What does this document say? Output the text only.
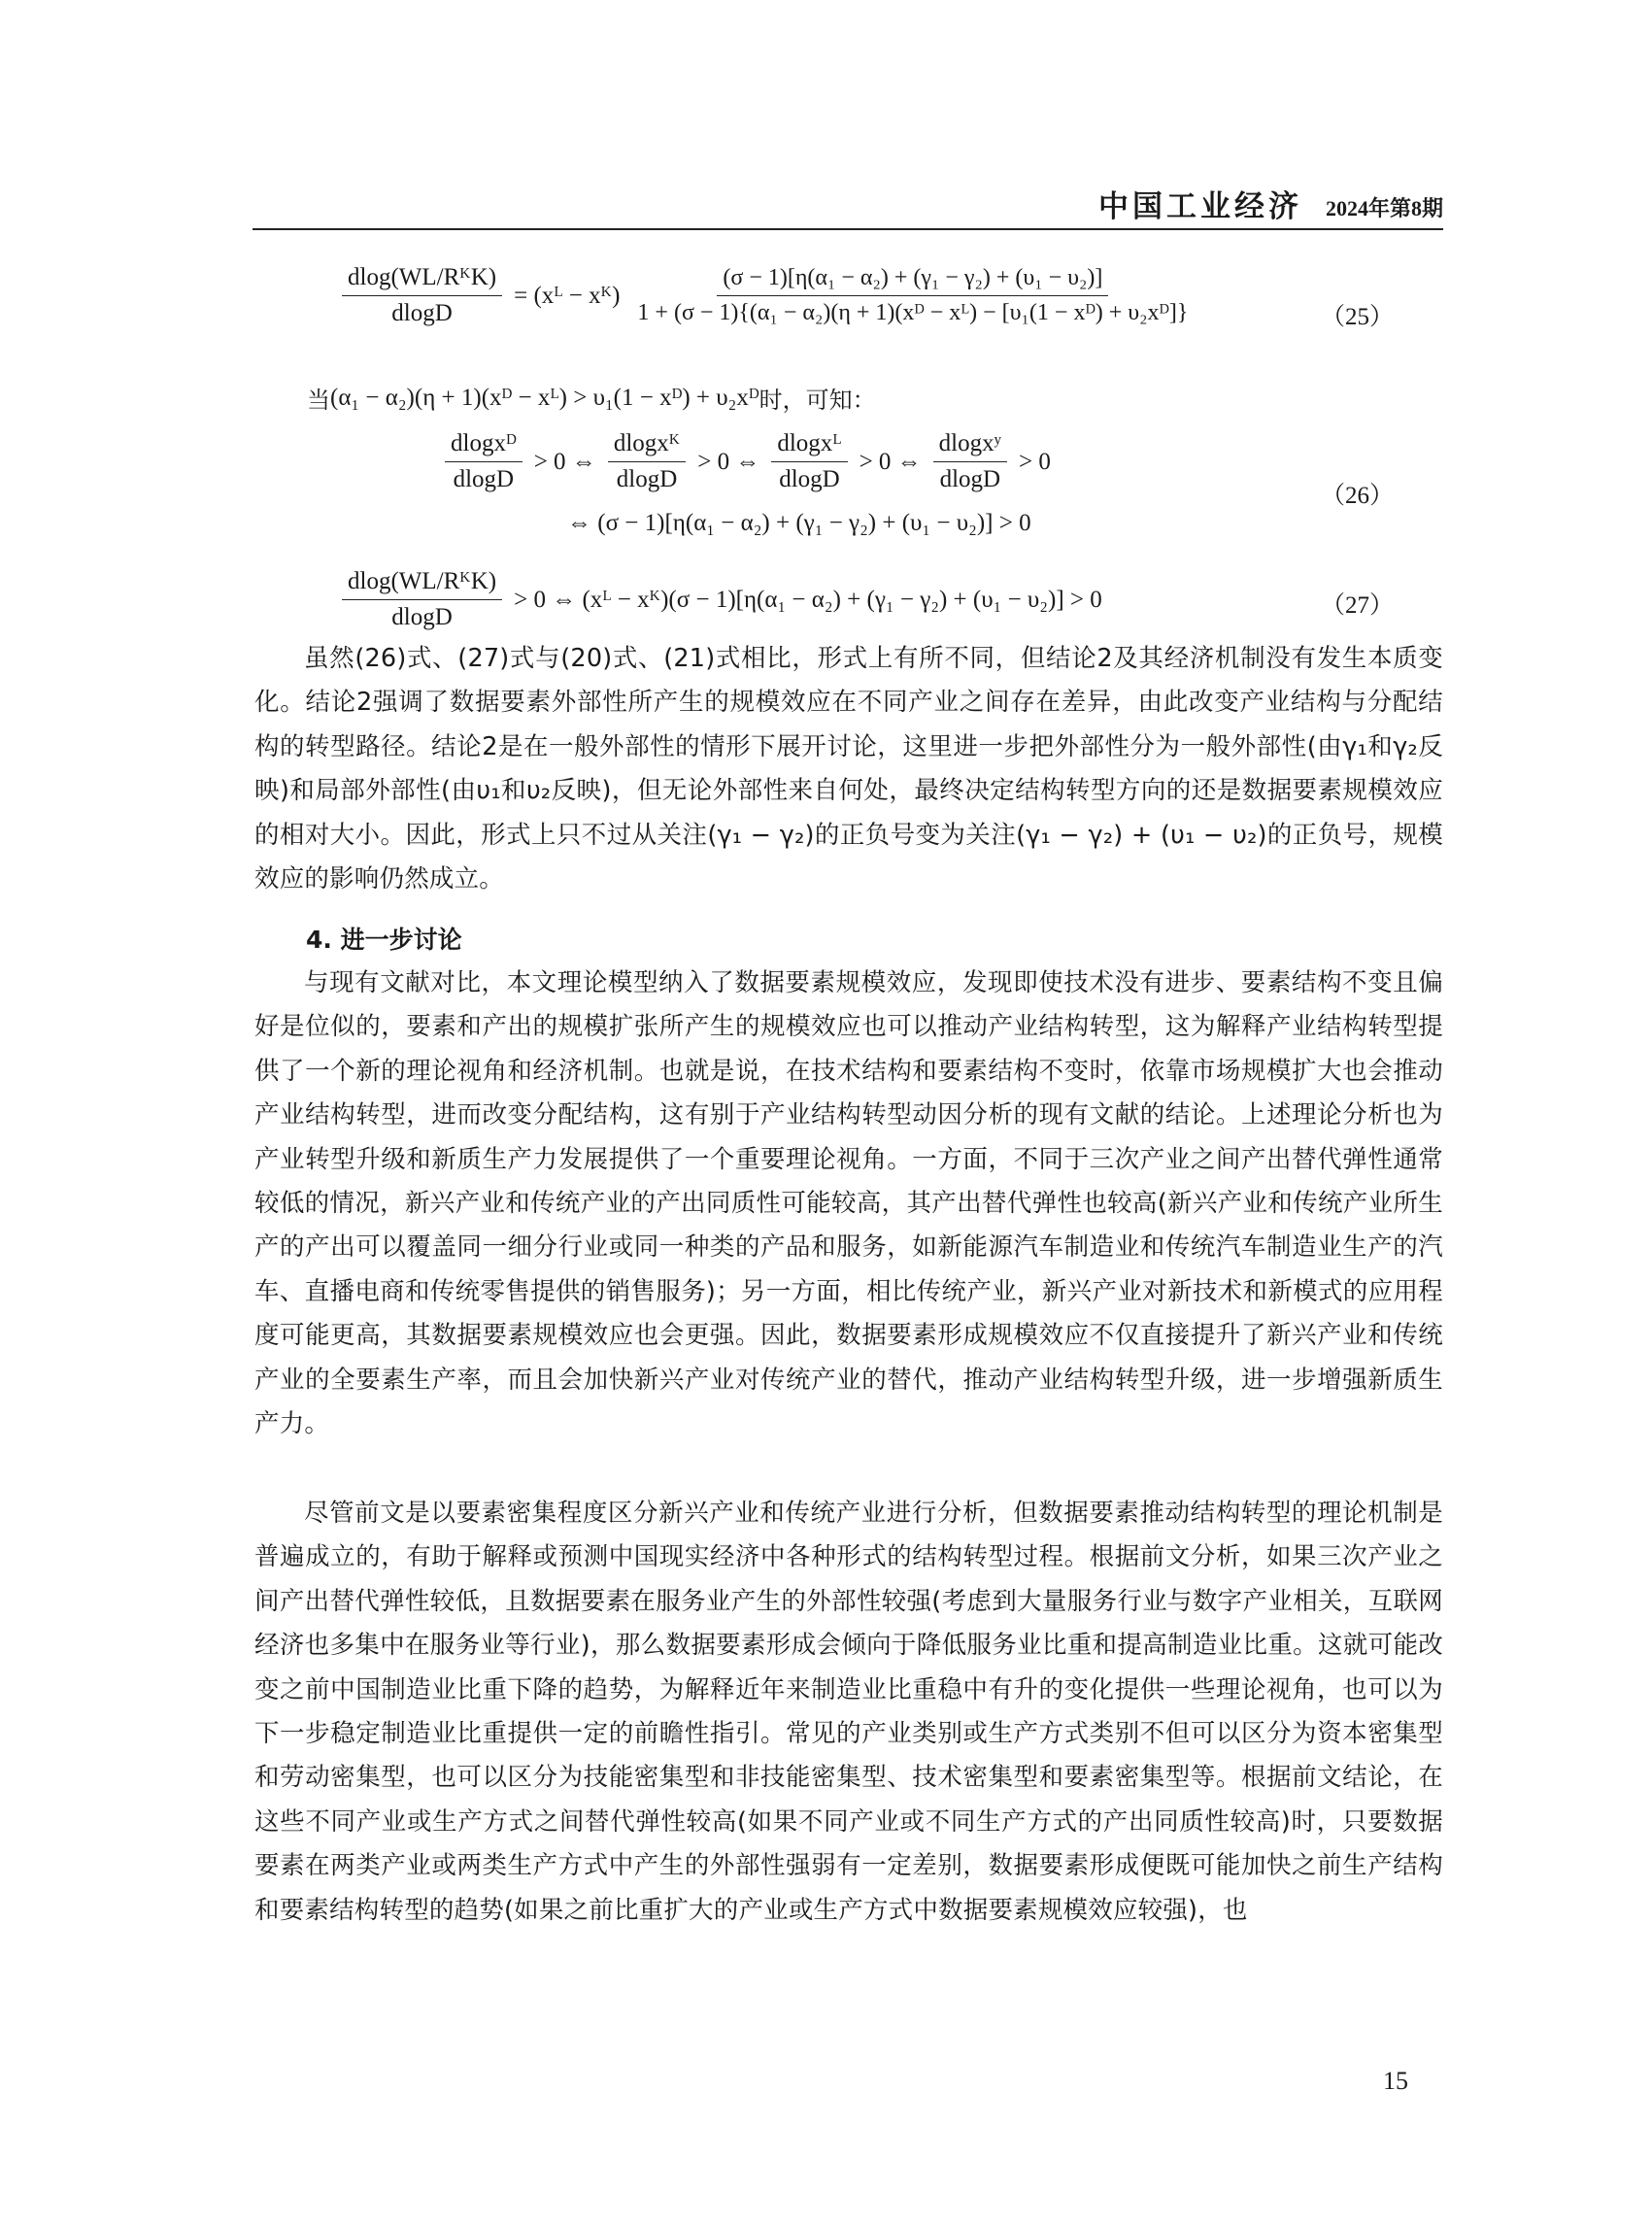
中国工业经济 2024年第8期
$\frac{\text{dlog(WL/RᴷK)}}{dlogD}$ = (xᴸ − xᴷ) $\frac{\text{(σ − 1)[η(α₁ − α₂) + (γ₁ − γ₂) + (υ₁ − υ₂)]}}{\text{1 + (σ − 1)\{(α₁ − α₂)(η + 1)(xᴰ − xᴸ) − [υ₁(1 − xᴰ) + υ₂xᴰ]\}}}$	（25）
当 (α₁ − α₂)(η + 1)(xᴰ − xᴸ) > υ₁(1 − xᴰ) + υ₂xᴰ 时，可知：
$\frac{\text{dlogxᴰ}}{dlogD} > 0$ ⇔ $\frac{\text{dlogxᴷ}}{dlogD} > 0$ ⇔ $\frac{\text{dlogxᴸ}}{dlogD} > 0$ ⇔ $\frac{\text{dlogxʸ}}{dlogD} > 0$
⇔ (σ − 1)[η(α₁ − α₂) + (γ₁ − γ₂) + (υ₁ − υ₂)] > 0
（26）
$\frac{\text{dlog(WL/RᴷK)}}{dlogD} > 0$ ⇔ (xᴸ − xᴷ)(σ − 1)[η(α₁ − α₂) + (γ₁ − γ₂) + (υ₁ − υ₂)] > 0	（27）

虽然(26)式、(27)式与(20)式、(21)式相比，形式上有所不同，但结论2及其经济机制没有发生本质变化。结论2强调了数据要素外部性所产生的规模效应在不同产业之间存在差异，由此改变产业结构与分配结构的转型路径。结论2是在一般外部性的情形下展开讨论，这里进一步把外部性分为一般外部性(由γ₁和γ₂反映)和局部外部性(由υ₁和υ₂反映)，但无论外部性来自何处，最终决定结构转型方向的还是数据要素规模效应的相对大小。因此，形式上只不过从关注(γ₁ − γ₂)的正负号变为关注(γ₁ − γ₂) + (υ₁ − υ₂)的正负号，规模效应的影响仍然成立。

4. 进一步讨论

与现有文献对比，本文理论模型纳入了数据要素规模效应，发现即使技术没有进步、要素结构不变且偏好是位似的，要素和产出的规模扩张所产生的规模效应也可以推动产业结构转型，这为解释产业结构转型提供了一个新的理论视角和经济机制。也就是说，在技术结构和要素结构不变时，依靠市场规模扩大也会推动产业结构转型，进而改变分配结构，这有别于产业结构转型动因分析的现有文献的结论。上述理论分析也为产业转型升级和新质生产力发展提供了一个重要理论视角。一方面，不同于三次产业之间产出替代弹性通常较低的情况，新兴产业和传统产业的产出同质性可能较高，其产出替代弹性也较高(新兴产业和传统产业所生产的产出可以覆盖同一细分行业或同一种类的产品和服务，如新能源汽车制造业和传统汽车制造业生产的汽车、直播电商和传统零售提供的销售服务)；另一方面，相比传统产业，新兴产业对新技术和新模式的应用程度可能更高，其数据要素规模效应也会更强。因此，数据要素形成规模效应不仅直接提升了新兴产业和传统产业的全要素生产率，而且会加快新兴产业对传统产业的替代，推动产业结构转型升级，进一步增强新质生产力。

尽管前文是以要素密集程度区分新兴产业和传统产业进行分析，但数据要素推动结构转型的理论机制是普遍成立的，有助于解释或预测中国现实经济中各种形式的结构转型过程。根据前文分析，如果三次产业之间产出替代弹性较低，且数据要素在服务业产生的外部性较强(考虑到大量服务行业与数字产业相关，互联网经济也多集中在服务业等行业)，那么数据要素形成会倾向于降低服务业比重和提高制造业比重。这就可能改变之前中国制造业比重下降的趋势，为解释近年来制造业比重稳中有升的变化提供一些理论视角，也可以为下一步稳定制造业比重提供一定的前瞻性指引。常见的产业类别或生产方式类别不但可以区分为资本密集型和劳动密集型，也可以区分为技能密集型和非技能密集型、技术密集型和要素密集型等。根据前文结论，在这些不同产业或生产方式之间替代弹性较高(如果不同产业或不同生产方式的产出同质性较高)时，只要数据要素在两类产业或两类生产方式中产生的外部性强弱有一定差别，数据要素形成便既可能加快之前生产结构和要素结构转型的趋势(如果之前比重扩大的产业或生产方式中数据要素规模效应较强)，也

15
